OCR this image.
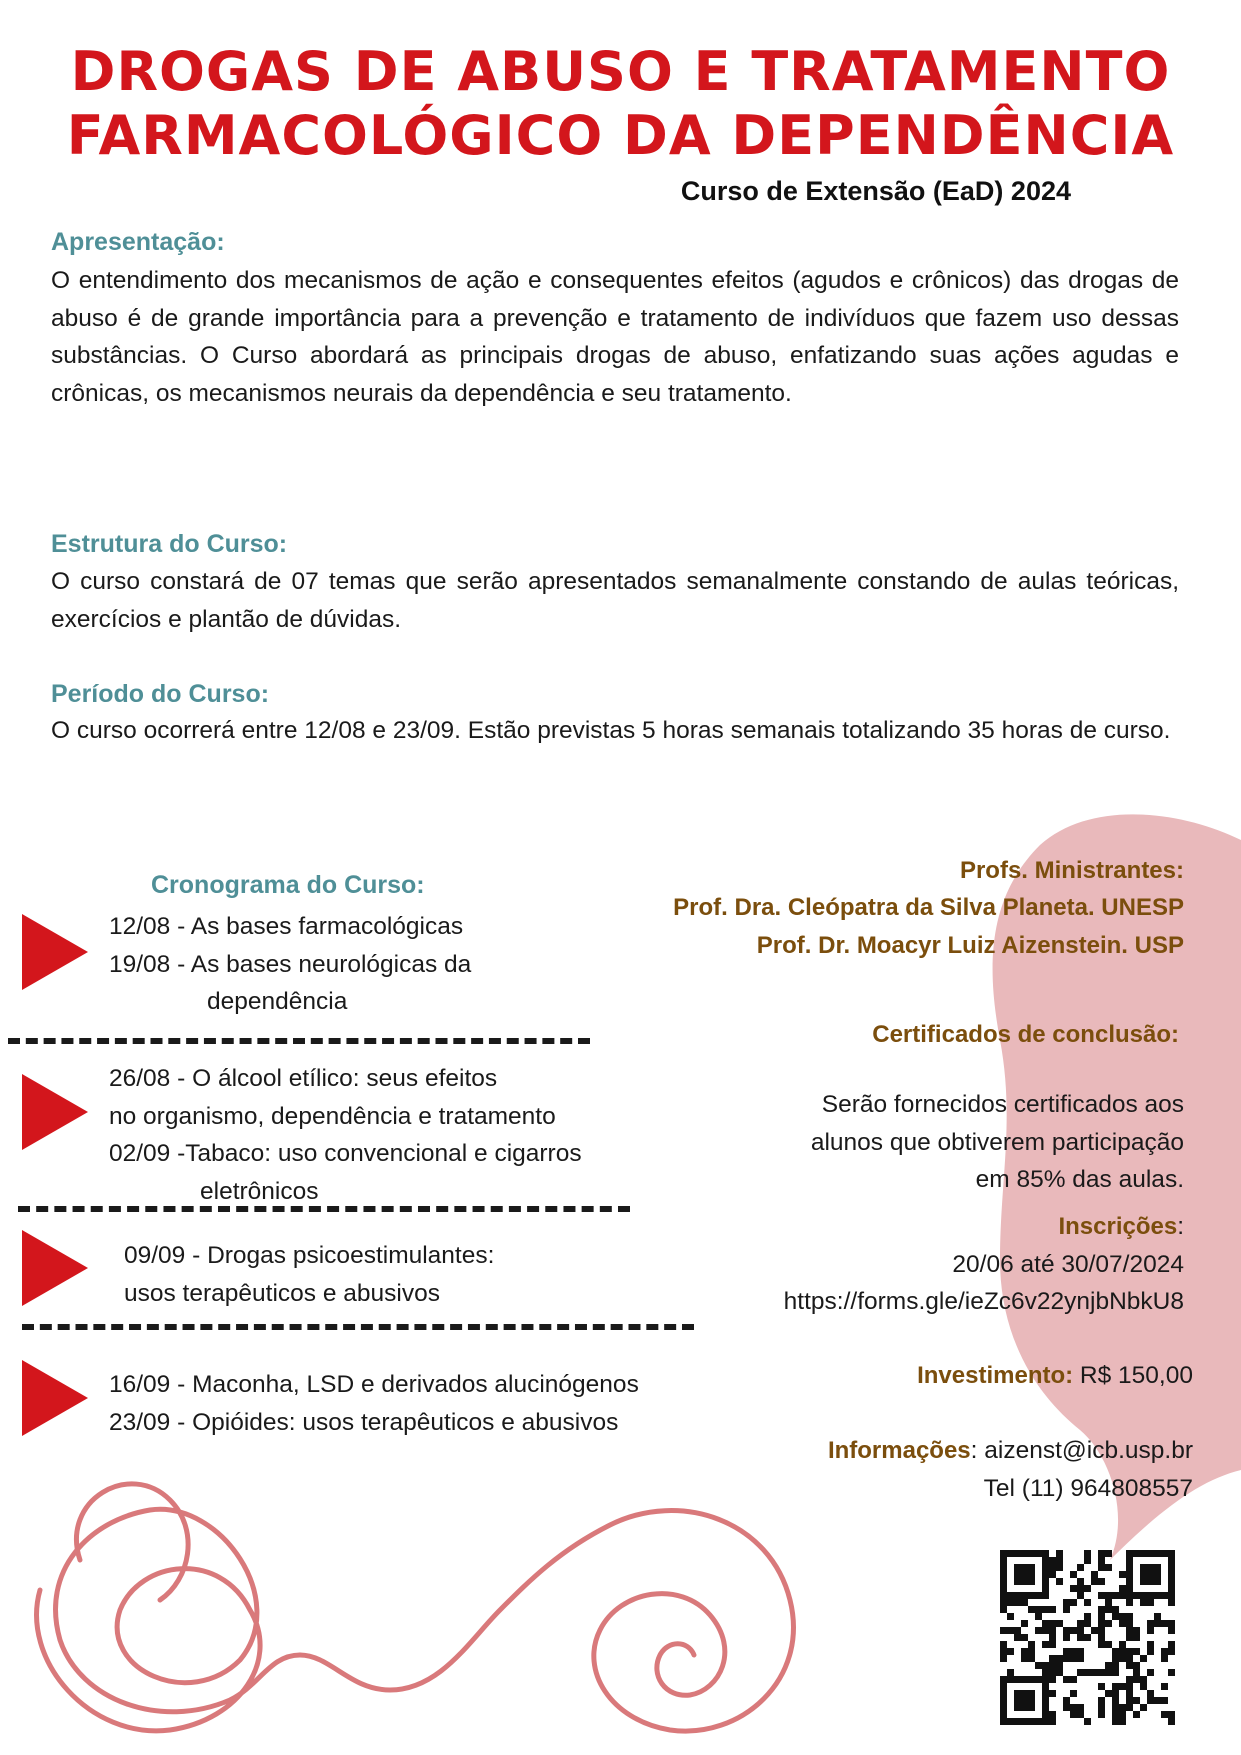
DROGAS DE ABUSO E TRATAMENTO
FARMACOLÓGICO DA DEPENDÊNCIA
Curso de Extensão (EaD) 2024
Apresentação:
O entendimento dos mecanismos de ação e consequentes efeitos (agudos e crônicos) das drogas de abuso é de grande importância para a prevenção e tratamento de indivíduos que fazem uso dessas substâncias. O Curso abordará as principais drogas de abuso, enfatizando suas ações agudas e crônicas, os mecanismos neurais da dependência e seu tratamento.
Estrutura do Curso:
O curso constará de 07 temas que serão apresentados semanalmente constando de aulas teóricas, exercícios e plantão de dúvidas.
Período do Curso:
O curso ocorrerá entre 12/08 e 23/09. Estão previstas 5 horas semanais totalizando 35 horas de curso.
Cronograma do Curso:
12/08 - As bases farmacológicas
19/08 - As bases neurológicas da
dependência
26/08 - O álcool etílico: seus efeitos
no organismo, dependência e tratamento
02/09 -Tabaco: uso convencional e cigarros
eletrônicos
09/09 - Drogas psicoestimulantes:
usos terapêuticos e abusivos
16/09 - Maconha, LSD e derivados alucinógenos
23/09 - Opióides: usos terapêuticos e abusivos
Profs. Ministrantes:
Prof. Dra. Cleópatra da Silva Planeta. UNESP
Prof. Dr. Moacyr Luiz Aizenstein. USP
Certificados de conclusão:
Serão fornecidos certificados aos
alunos que obtiverem participação
em 85% das aulas.
Inscrições:
20/06 até 30/07/2024
https://forms.gle/ieZc6v22ynjbNbkU8
Investimento: R$ 150,00
Informações: aizenst@icb.usp.br
Tel (11) 964808557
